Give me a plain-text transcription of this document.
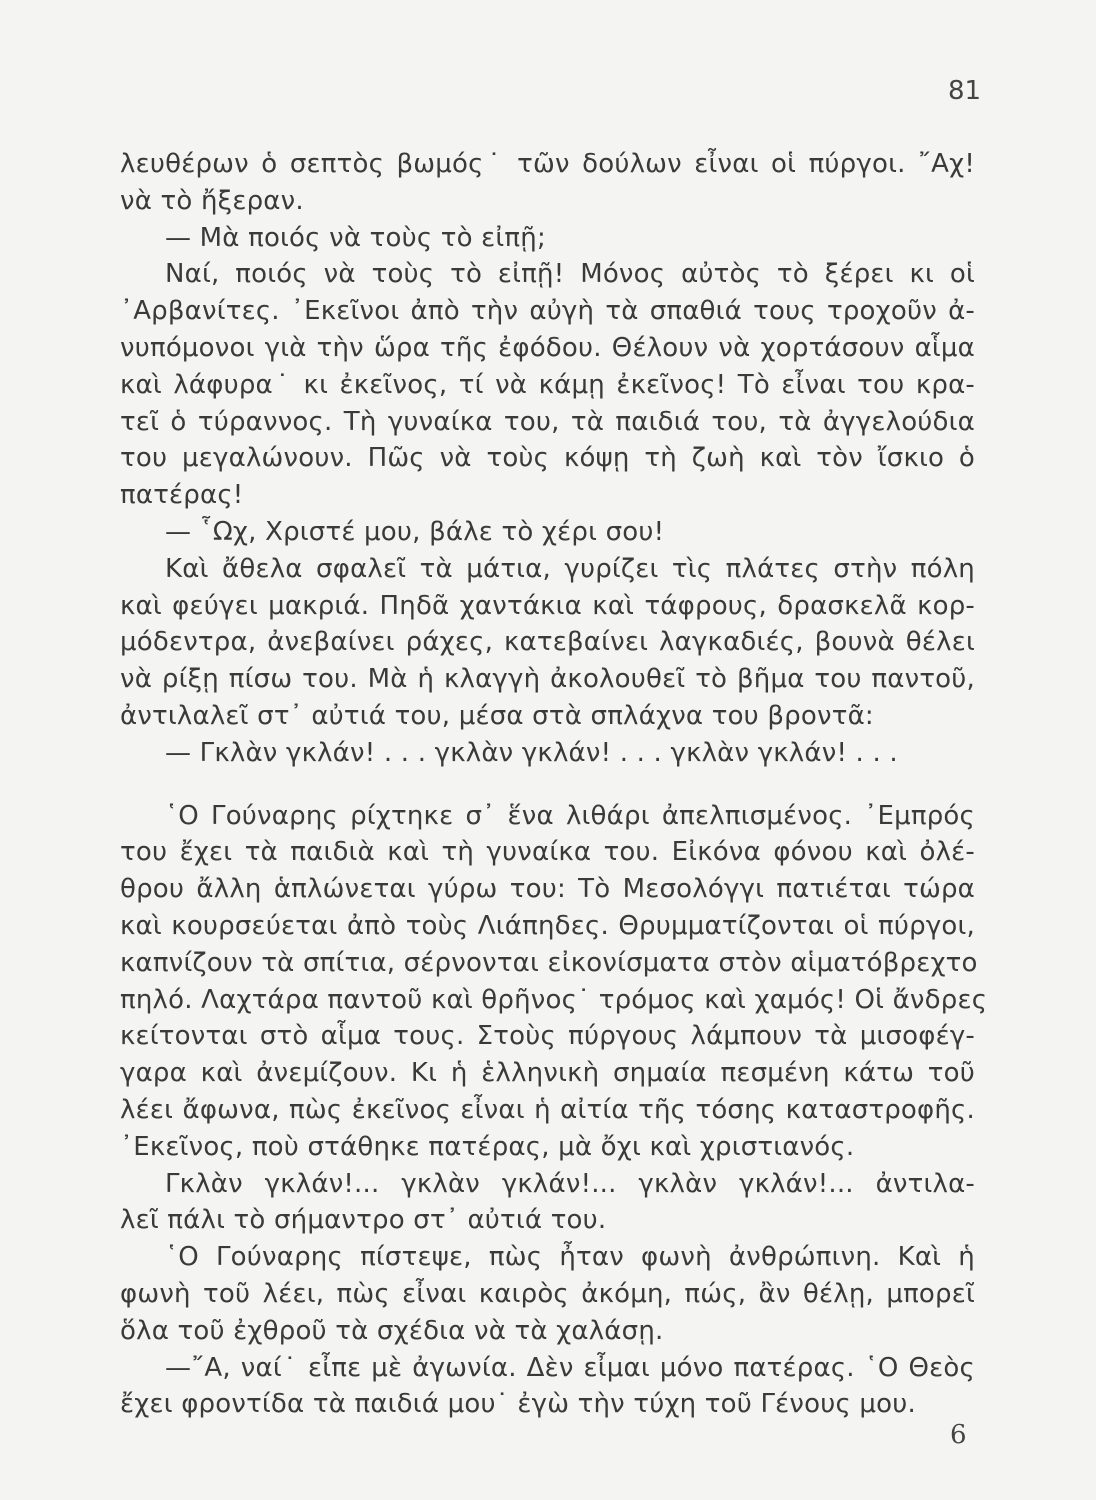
81
λευθέρων ὁ σεπτὸς βωμός˙ τῶν δούλων εἶναι οἱ πύργοι. ῎Αχ!
νὰ τὸ ἤξεραν.
— Μὰ ποιός νὰ τοὺς τὸ εἰπῇ;
Ναί, ποιός νὰ τοὺς τὸ εἰπῇ! Μόνος αὐτὸς τὸ ξέρει κι οἱ
᾿Αρβανίτες. ᾿Εκεῖνοι ἀπὸ τὴν αὐγὴ τὰ σπαθιά τους τροχοῦν ἀ-
νυπόμονοι γιὰ τὴν ὥρα τῆς ἐφόδου. Θέλουν νὰ χορτάσουν αἷμα
καὶ λάφυρα˙ κι ἐκεῖνος, τί νὰ κάμῃ ἐκεῖνος! Τὸ εἶναι του κρα-
τεῖ ὁ τύραννος. Τὴ γυναίκα του, τὰ παιδιά του, τὰ ἀγγελούδια
του μεγαλώνουν. Πῶς νὰ τοὺς κόψῃ τὴ ζωὴ καὶ τὸν ἴσκιο ὁ
πατέρας!
— ῟Ωχ, Χριστέ μου, βάλε τὸ χέρι σου!
Καὶ ἄθελα σφαλεῖ τὰ μάτια, γυρίζει τὶς πλάτες στὴν πόλη
καὶ φεύγει μακριά. Πηδᾶ χαντάκια καὶ τάφρους, δρασκελᾶ κορ-
μόδεντρα, ἀνεβαίνει ράχες, κατεβαίνει λαγκαδιές, βουνὰ θέλει
νὰ ρίξῃ πίσω του. Μὰ ἡ κλαγγὴ ἀκολουθεῖ τὸ βῆμα του παντοῦ,
ἀντιλαλεῖ στ᾿ αὐτιά του, μέσα στὰ σπλάχνα του βροντᾶ:
— Γκλὰν γκλάν! . . . γκλὰν γκλάν! . . . γκλὰν γκλάν! . . .
῾Ο Γούναρης ρίχτηκε σ᾿ ἕνα λιθάρι ἀπελπισμένος. ᾿Εμπρός
του ἔχει τὰ παιδιὰ καὶ τὴ γυναίκα του. Εἰκόνα φόνου καὶ ὀλέ-
θρου ἄλλη ἁπλώνεται γύρω του: Τὸ Μεσολόγγι πατιέται τώρα
καὶ κουρσεύεται ἀπὸ τοὺς Λιάπηδες. Θρυμματίζονται οἱ πύργοι,
καπνίζουν τὰ σπίτια, σέρνονται εἰκονίσματα στὸν αἱματόβρεχτο
πηλό. Λαχτάρα παντοῦ καὶ θρῆνος˙ τρόμος καὶ χαμός! Οἱ ἄνδρες
κείτονται στὸ αἷμα τους. Στοὺς πύργους λάμπουν τὰ μισοφέγ-
γαρα καὶ ἀνεμίζουν. Κι ἡ ἑλληνικὴ σημαία πεσμένη κάτω τοῦ
λέει ἄφωνα, πὼς ἐκεῖνος εἶναι ἡ αἰτία τῆς τόσης καταστροφῆς.
᾿Εκεῖνος, ποὺ στάθηκε πατέρας, μὰ ὄχι καὶ χριστιανός.
Γκλὰν γκλάν!... γκλὰν γκλάν!... γκλὰν γκλάν!... ἀντιλα-
λεῖ πάλι τὸ σήμαντρο στ᾿ αὐτιά του.
῾Ο Γούναρης πίστεψε, πὼς ἦταν φωνὴ ἀνθρώπινη. Καὶ ἡ
φωνὴ τοῦ λέει, πὼς εἶναι καιρὸς ἀκόμη, πώς, ἂν θέλῃ, μπορεῖ
ὅλα τοῦ ἐχθροῦ τὰ σχέδια νὰ τὰ χαλάσῃ.
—῎Α, ναί˙ εἶπε μὲ ἀγωνία. Δὲν εἶμαι μόνο πατέρας. ῾Ο Θεὸς
ἔχει φροντίδα τὰ παιδιά μου˙ ἐγὼ τὴν τύχη τοῦ Γένους μου.
6
